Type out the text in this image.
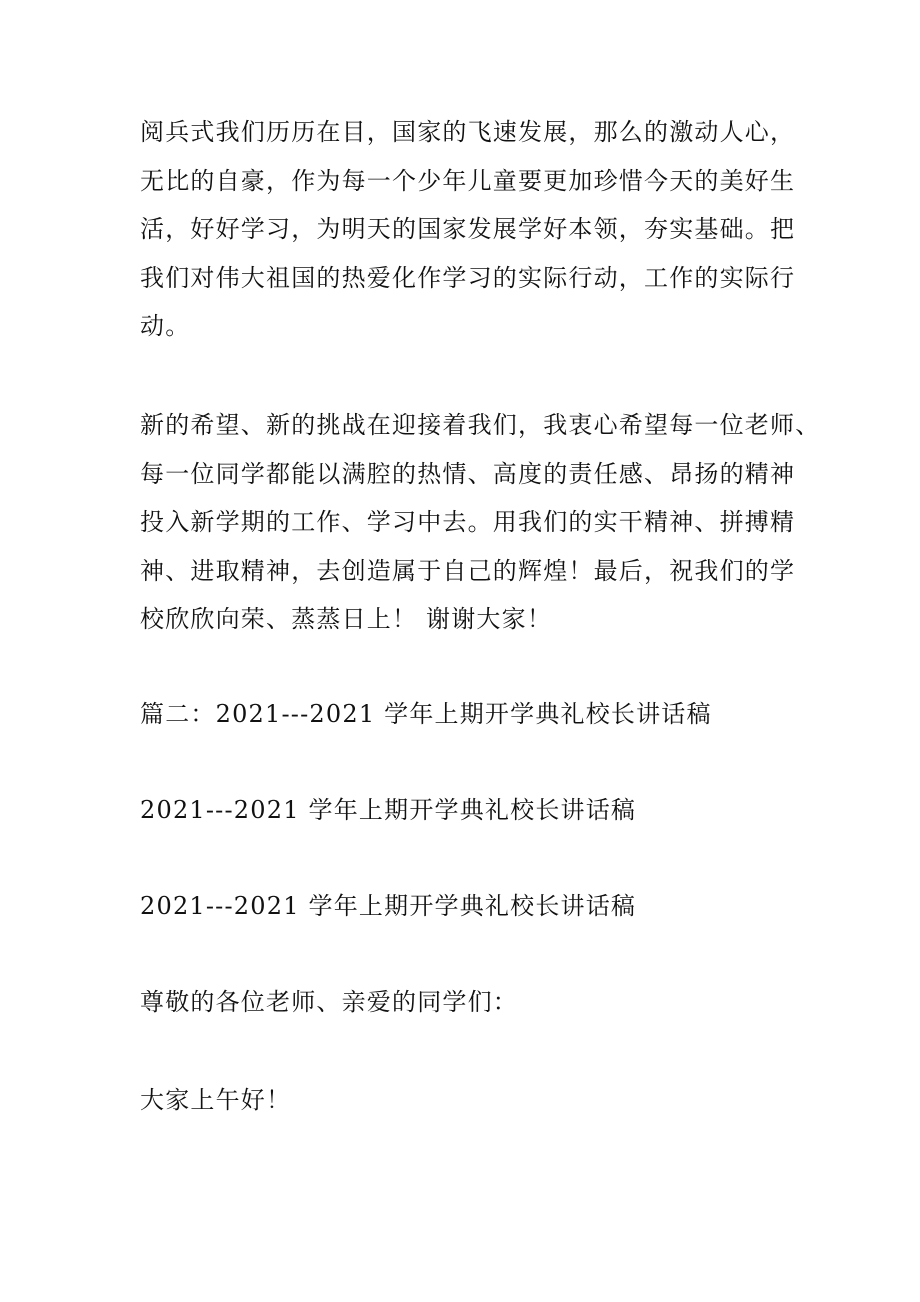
阅兵式我们历历在目，国家的飞速发展，那么的激动人心，
无比的自豪，作为每一个少年儿童要更加珍惜今天的美好生
活，好好学习，为明天的国家发展学好本领，夯实基础。把
我们对伟大祖国的热爱化作学习的实际行动，工作的实际行
动。
新的希望、新的挑战在迎接着我们，我衷心希望每一位老师、
每一位同学都能以满腔的热情、高度的责任感、昂扬的精神
投入新学期的工作、学习中去。用我们的实干精神、拼搏精
神、进取精神，去创造属于自己的辉煌！最后，祝我们的学
校欣欣向荣、蒸蒸日上！ 谢谢大家！

篇二：2021---2021 学年上期开学典礼校长讲话稿

2021---2021 学年上期开学典礼校长讲话稿

2021---2021 学年上期开学典礼校长讲话稿

尊敬的各位老师、亲爱的同学们：

大家上午好！
